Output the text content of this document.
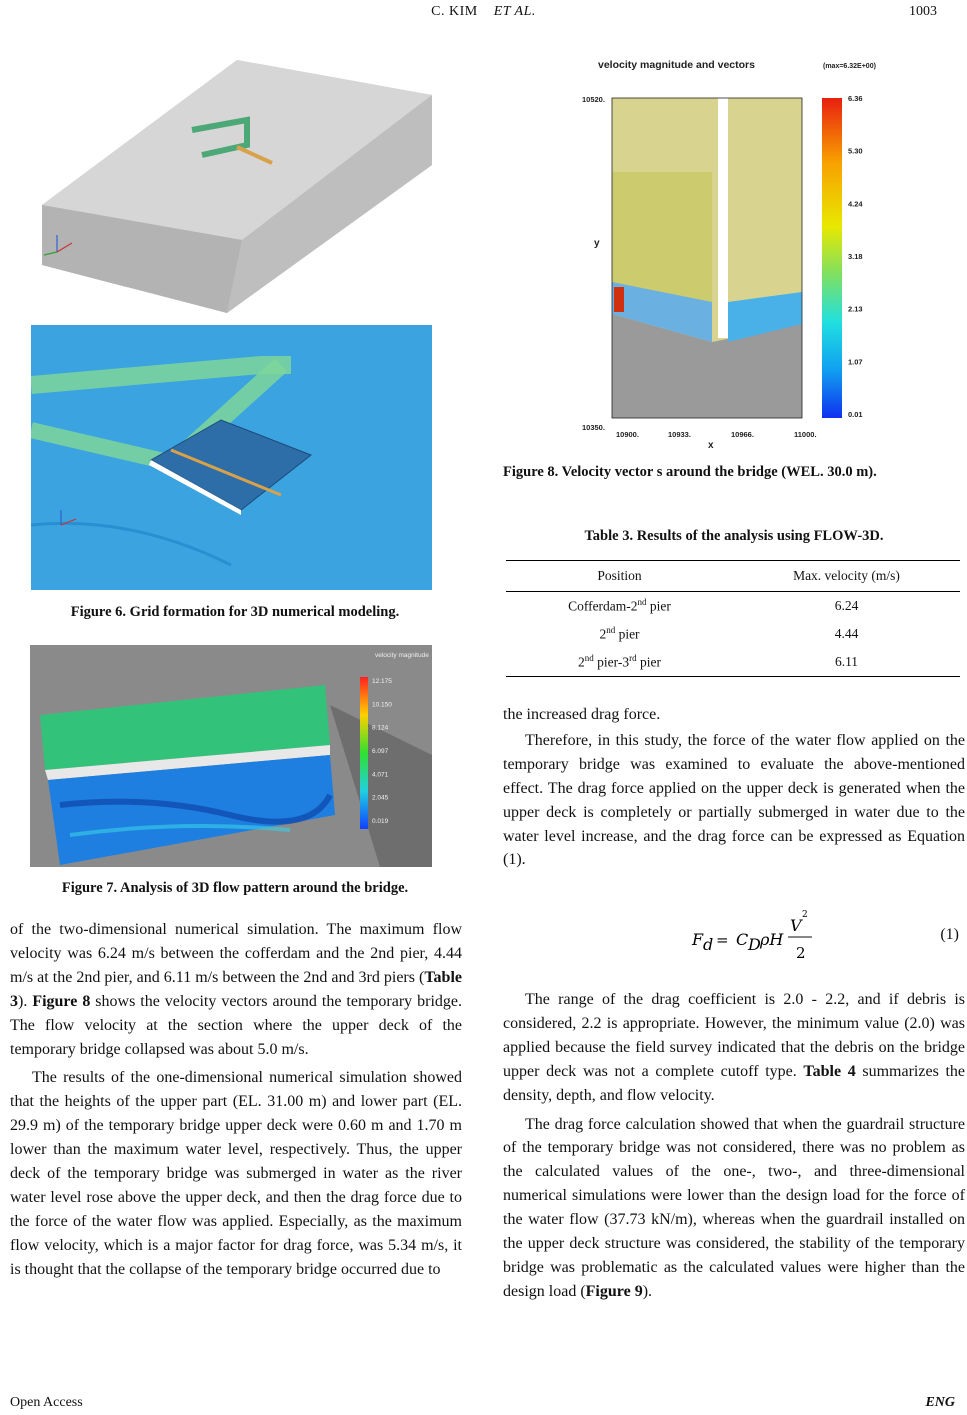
C. KIM ET AL.	1003
Figure 6. Grid formation for 3D numerical modeling.
velocity magnitude
12.175
10.150
8.124
6.097
4.071
2.045
0.019
Figure 7. Analysis of 3D flow pattern around the bridge.

of the two-dimensional numerical simulation. The maximum flow velocity was 6.24 m/s between the cofferdam and the 2nd pier, 4.44 m/s at the 2nd pier, and 6.11 m/s between the 2nd and 3rd piers (Table 3). Figure 8 shows the velocity vectors around the temporary bridge. The flow velocity at the section where the upper deck of the temporary bridge collapsed was about 5.0 m/s.

The results of the one-dimensional numerical simulation showed that the heights of the upper part (EL. 31.00 m) and lower part (EL. 29.9 m) of the temporary bridge upper deck were 0.60 m and 1.70 m lower than the maximum water level, respectively. Thus, the upper deck of the temporary bridge was submerged in water as the river water level rose above the upper deck, and then the drag force due to the force of the water flow was applied. Especially, as the maximum flow velocity, which is a major factor for drag force, was 5.34 m/s, it is thought that the collapse of the temporary bridge occurred due to

velocity magnitude and vectors	(max=6.32E+00)
6.36
5.30
4.24
3.18
2.13
1.07
0.01
10520.
10350.
10900.	10933.	10966.	11000.
x
y
Figure 8. Velocity vector s around the bridge (WEL. 30.0 m).
Table 3. Results of the analysis using FLOW-3D.
Position	Max. velocity (m/s)
Cofferdam-2nd pier	6.24
2nd pier	4.44
2nd pier-3rd pier	6.11

the increased drag force.

Therefore, in this study, the force of the water flow applied on the temporary bridge was examined to evaluate the above-mentioned effect. The drag force applied on the upper deck is generated when the upper deck is completely or partially submerged in water due to the water level increase, and the drag force can be expressed as Equation (1).

F d = C D ρH
V
2
2
(1)

The range of the drag coefficient is 2.0 - 2.2, and if debris is considered, 2.2 is appropriate. However, the minimum value (2.0) was applied because the field survey indicated that the debris on the bridge upper deck was not a complete cutoff type. Table 4 summarizes the density, depth, and flow velocity.

The drag force calculation showed that when the guardrail structure of the temporary bridge was not considered, there was no problem as the calculated values of the one-, two-, and three-dimensional numerical simulations were lower than the design load for the force of the water flow (37.73 kN/m), whereas when the guardrail installed on the upper deck structure was considered, the stability of the temporary bridge was problematic as the calculated values were higher than the design load (Figure 9).

Open Access	ENG
